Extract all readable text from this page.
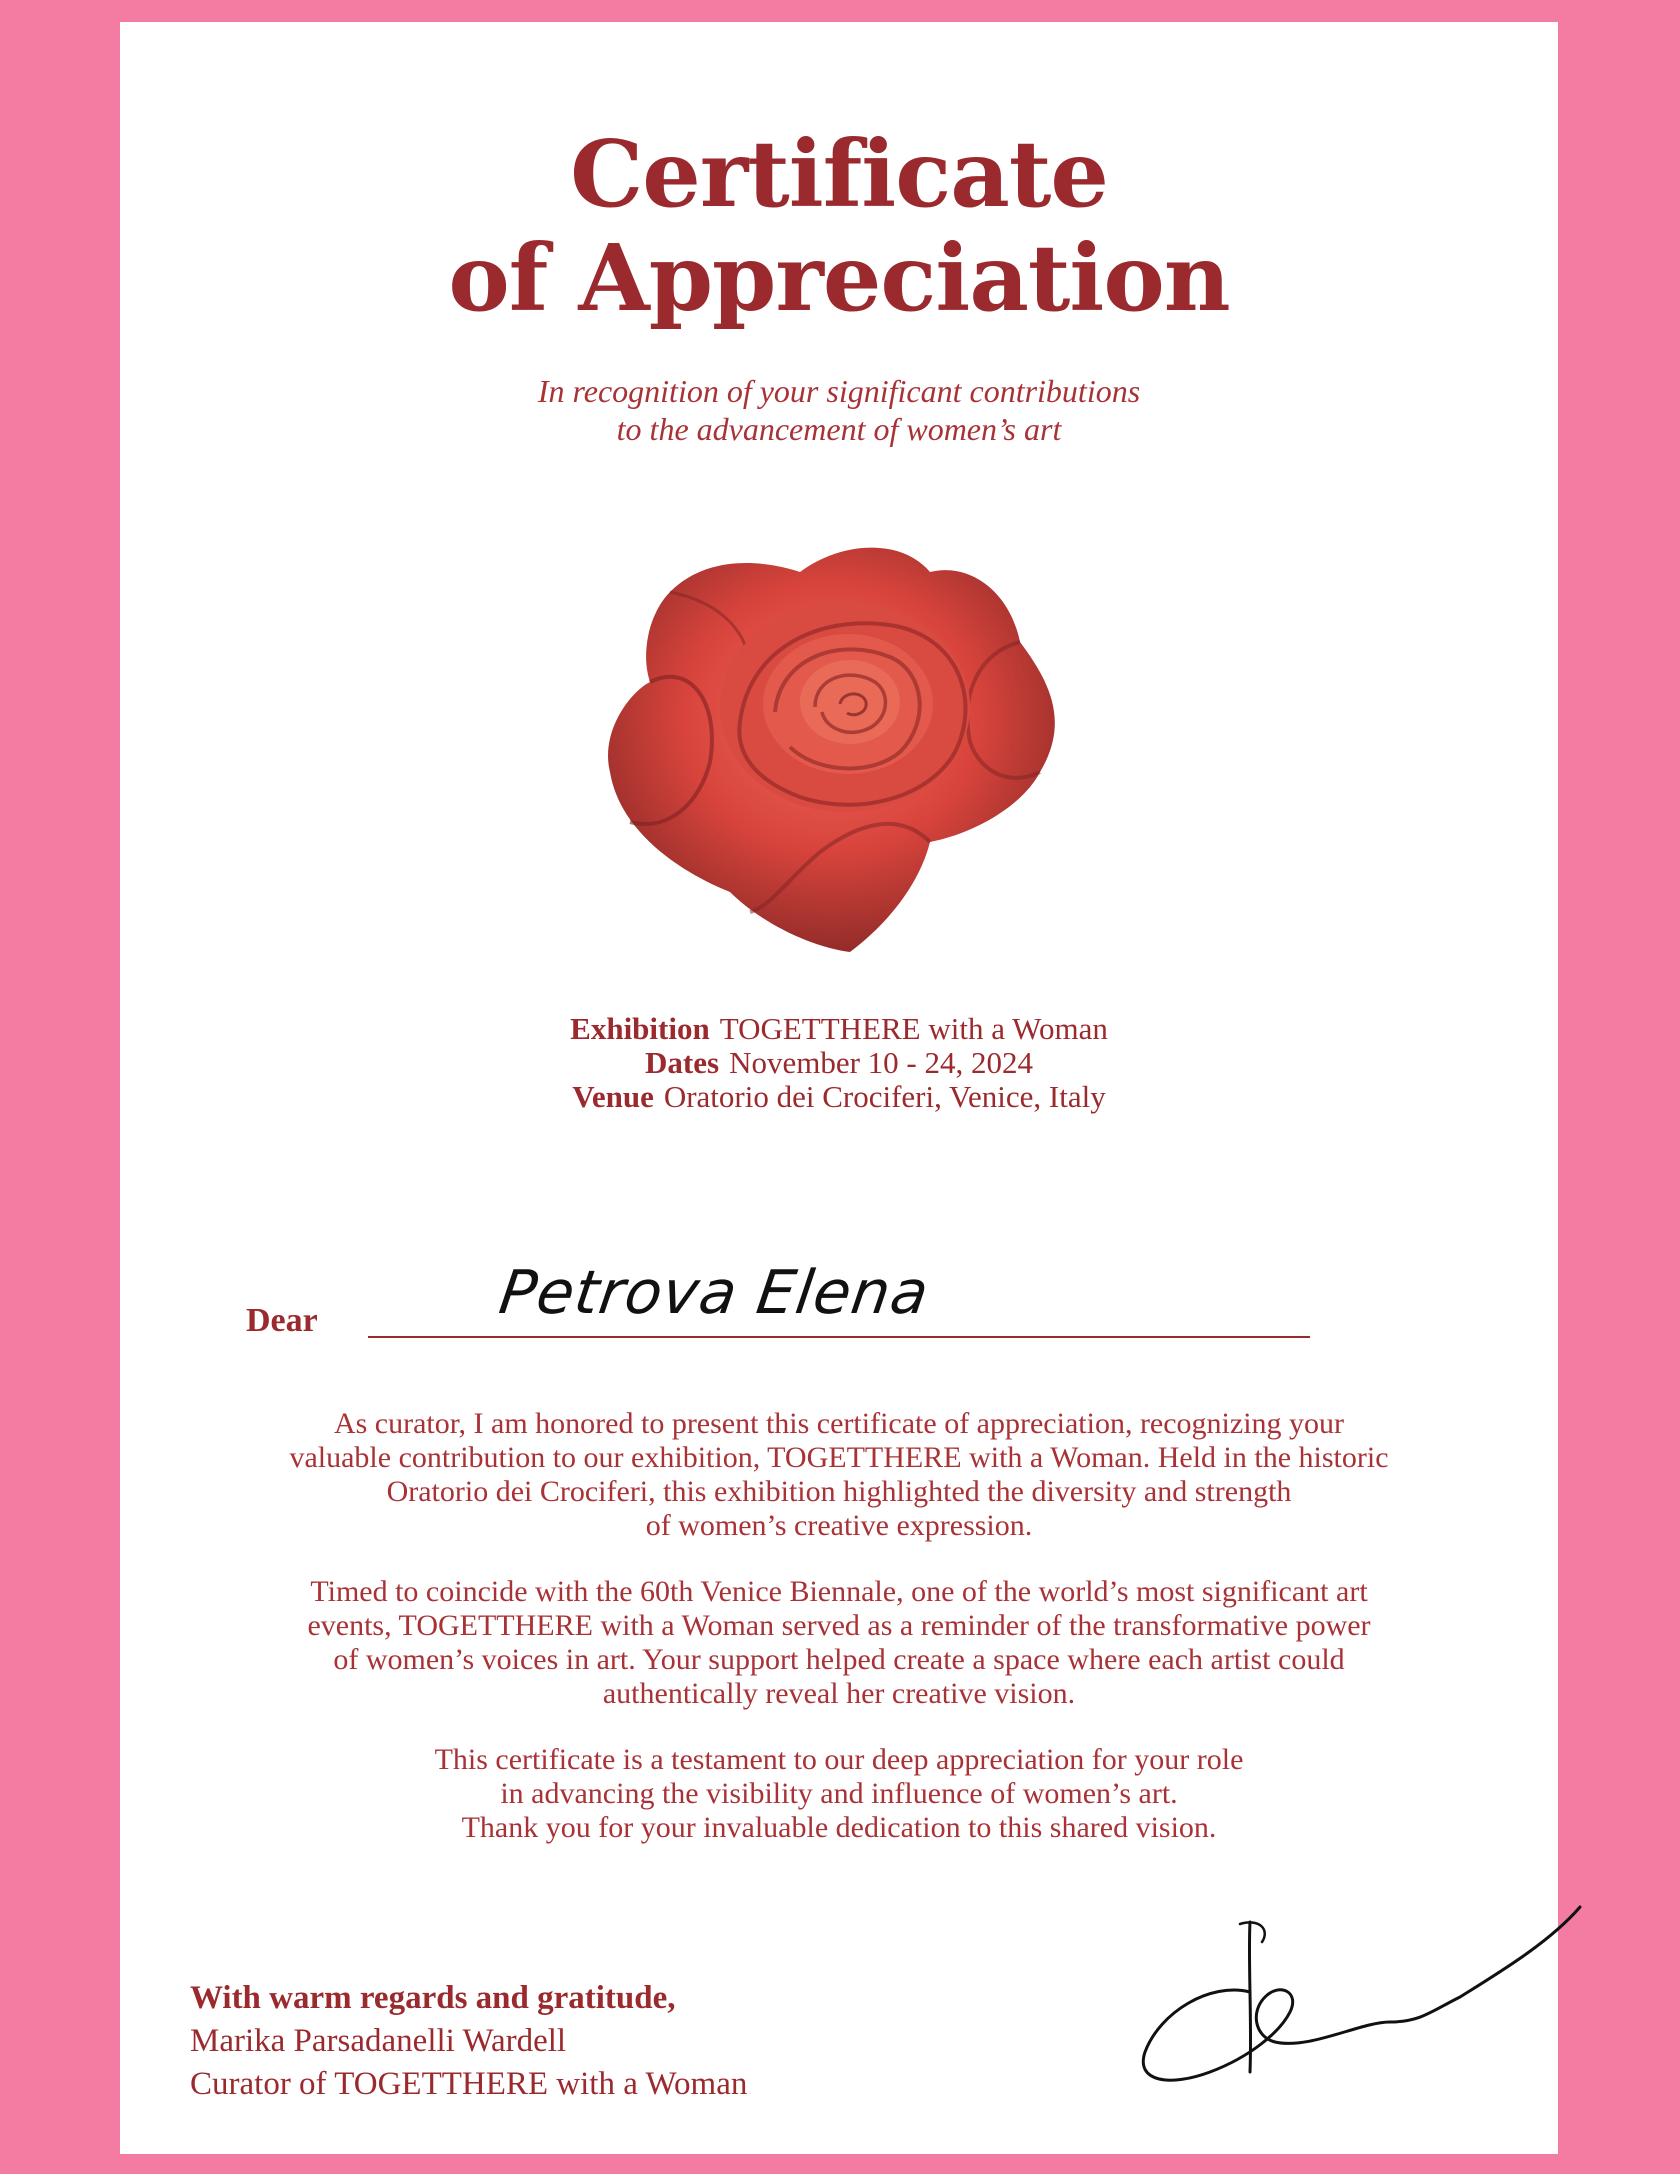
Certificate
of Appreciation
In recognition of your significant contributions
to the advancement of women’s art
Exhibition TOGETTHERE with a Woman
Dates November 10 - 24, 2024
Venue Oratorio dei Crociferi, Venice, Italy
Dear	Petrova Elena

As curator, I am honored to present this certificate of appreciation, recognizing your
valuable contribution to our exhibition, TOGETTHERE with a Woman. Held in the historic
Oratorio dei Crociferi, this exhibition highlighted the diversity and strength
of women’s creative expression.

Timed to coincide with the 60th Venice Biennale, one of the world’s most significant art
events, TOGETTHERE with a Woman served as a reminder of the transformative power
of women’s voices in art. Your support helped create a space where each artist could
authentically reveal her creative vision.

This certificate is a testament to our deep appreciation for your role
in advancing the visibility and influence of women’s art.
Thank you for your invaluable dedication to this shared vision.

With warm regards and gratitude,
Marika Parsadanelli Wardell
Curator of TOGETTHERE with a Woman
